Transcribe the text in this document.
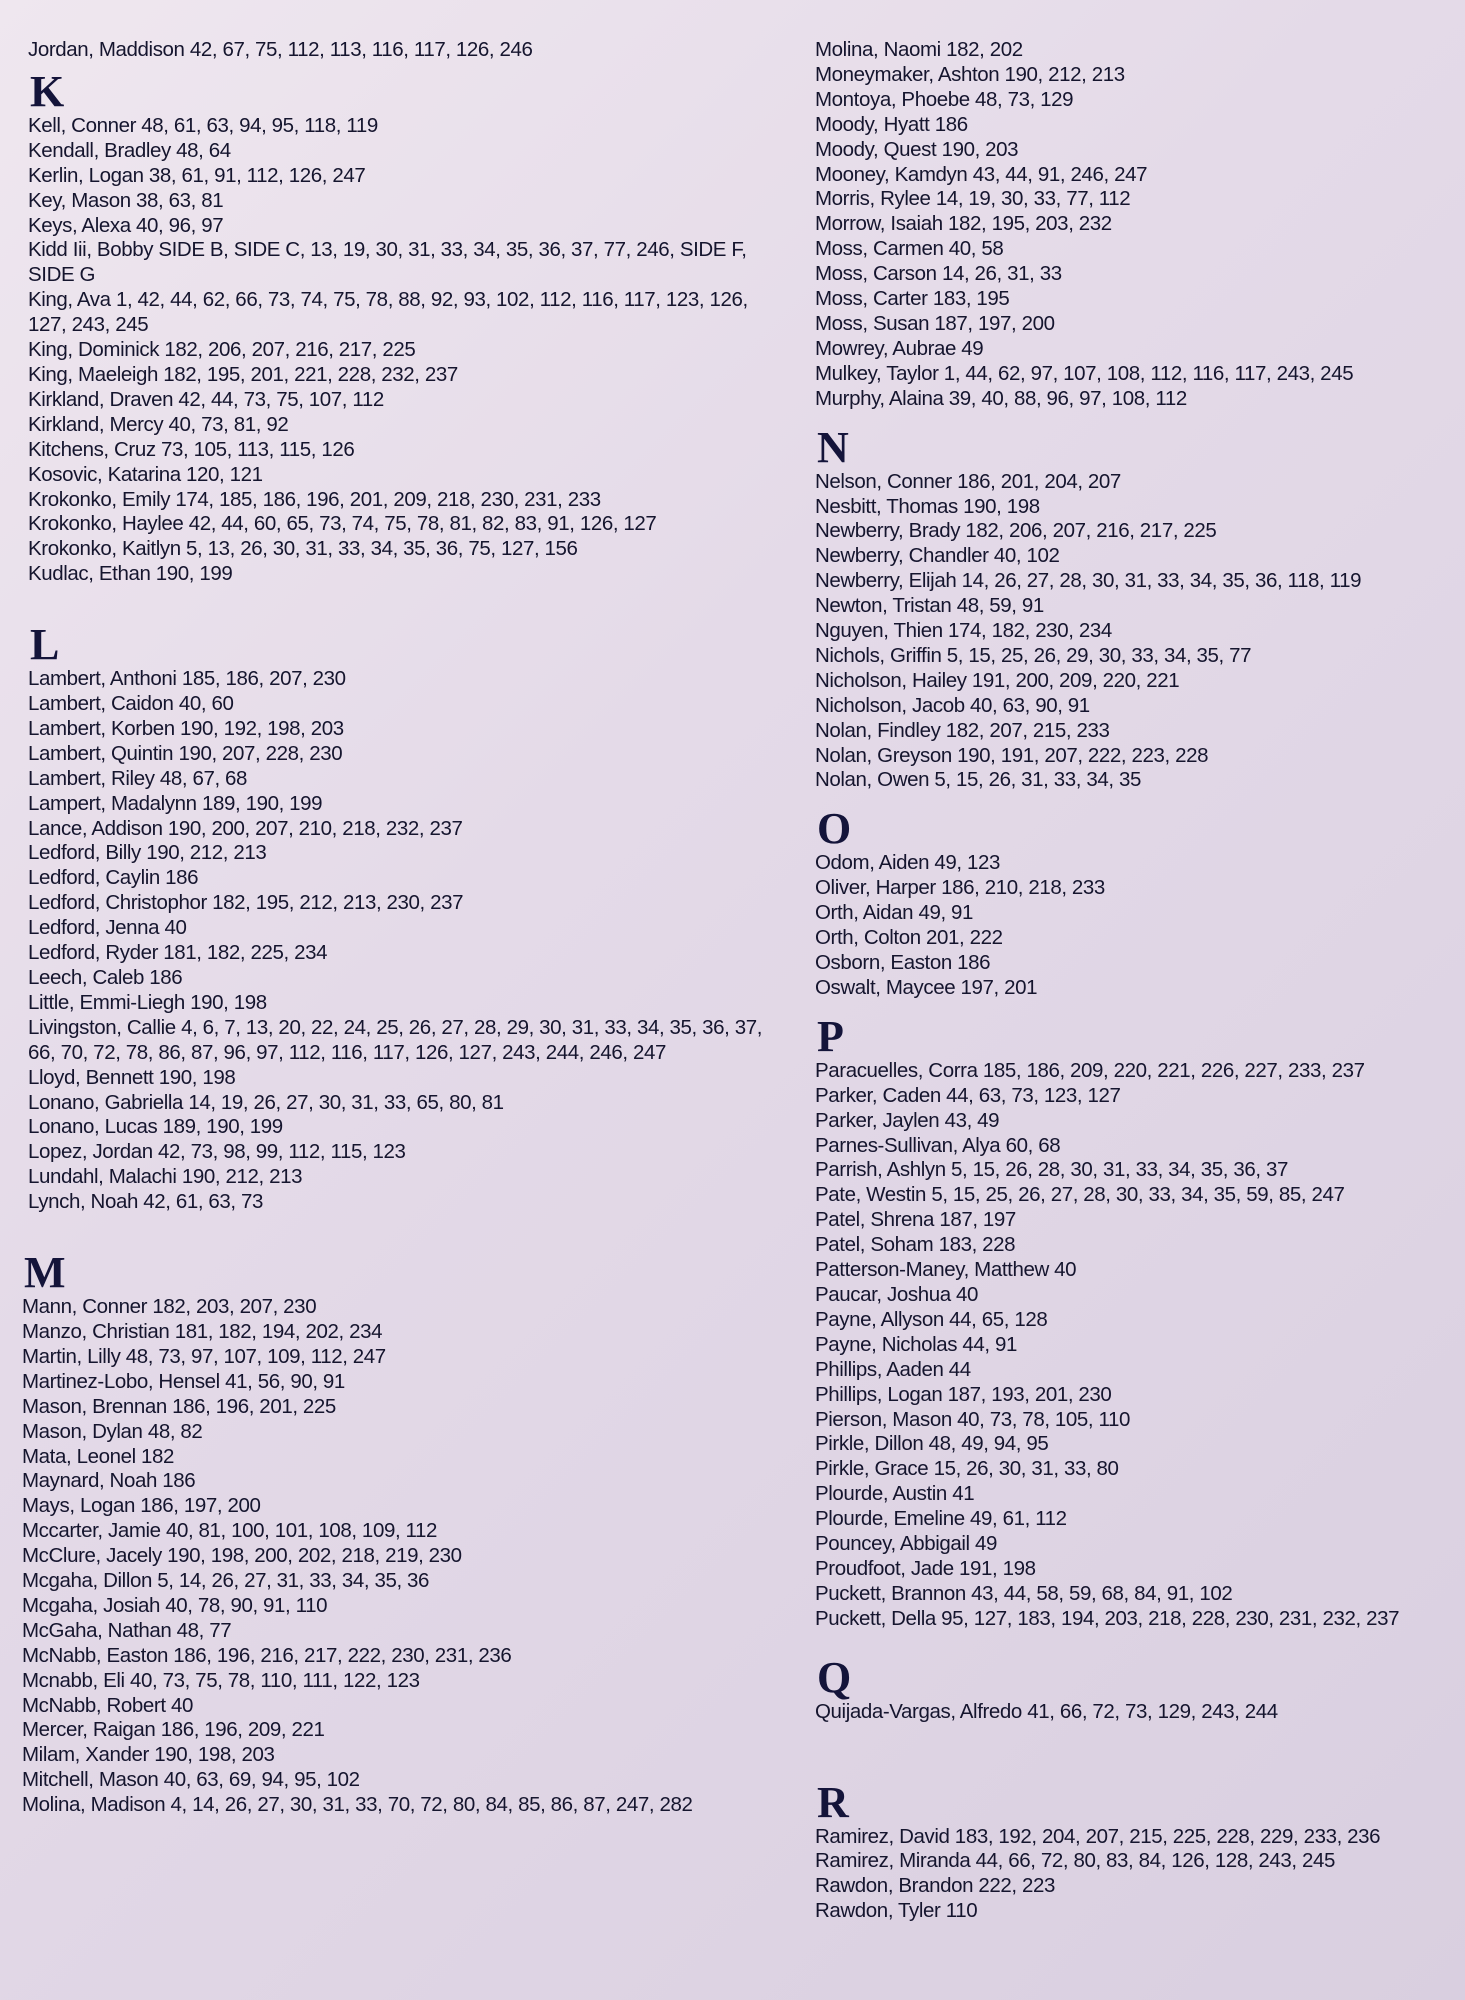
Jordan, Maddison 42, 67, 75, 112, 113, 116, 117, 126, 246
K
Kell, Conner 48, 61, 63, 94, 95, 118, 119
Kendall, Bradley 48, 64
Kerlin, Logan 38, 61, 91, 112, 126, 247
Key, Mason 38, 63, 81
Keys, Alexa 40, 96, 97
Kidd Iii, Bobby SIDE B, SIDE C, 13, 19, 30, 31, 33, 34, 35, 36, 37, 77, 246, SIDE F, SIDE G
King, Ava 1, 42, 44, 62, 66, 73, 74, 75, 78, 88, 92, 93, 102, 112, 116, 117, 123, 126, 127, 243, 245
King, Dominick 182, 206, 207, 216, 217, 225
King, Maeleigh 182, 195, 201, 221, 228, 232, 237
Kirkland, Draven 42, 44, 73, 75, 107, 112
Kirkland, Mercy 40, 73, 81, 92
Kitchens, Cruz 73, 105, 113, 115, 126
Kosovic, Katarina 120, 121
Krokonko, Emily 174, 185, 186, 196, 201, 209, 218, 230, 231, 233
Krokonko, Haylee 42, 44, 60, 65, 73, 74, 75, 78, 81, 82, 83, 91, 126, 127
Krokonko, Kaitlyn 5, 13, 26, 30, 31, 33, 34, 35, 36, 75, 127, 156
Kudlac, Ethan 190, 199
L
Lambert, Anthoni 185, 186, 207, 230
Lambert, Caidon 40, 60
Lambert, Korben 190, 192, 198, 203
Lambert, Quintin 190, 207, 228, 230
Lambert, Riley 48, 67, 68
Lampert, Madalynn 189, 190, 199
Lance, Addison 190, 200, 207, 210, 218, 232, 237
Ledford, Billy 190, 212, 213
Ledford, Caylin 186
Ledford, Christophor 182, 195, 212, 213, 230, 237
Ledford, Jenna 40
Ledford, Ryder 181, 182, 225, 234
Leech, Caleb 186
Little, Emmi-Liegh 190, 198
Livingston, Callie 4, 6, 7, 13, 20, 22, 24, 25, 26, 27, 28, 29, 30, 31, 33, 34, 35, 36, 37, 66, 70, 72, 78, 86, 87, 96, 97, 112, 116, 117, 126, 127, 243, 244, 246, 247
Lloyd, Bennett 190, 198
Lonano, Gabriella 14, 19, 26, 27, 30, 31, 33, 65, 80, 81
Lonano, Lucas 189, 190, 199
Lopez, Jordan 42, 73, 98, 99, 112, 115, 123
Lundahl, Malachi 190, 212, 213
Lynch, Noah 42, 61, 63, 73
M
Mann, Conner 182, 203, 207, 230
Manzo, Christian 181, 182, 194, 202, 234
Martin, Lilly 48, 73, 97, 107, 109, 112, 247
Martinez-Lobo, Hensel 41, 56, 90, 91
Mason, Brennan 186, 196, 201, 225
Mason, Dylan 48, 82
Mata, Leonel 182
Maynard, Noah 186
Mays, Logan 186, 197, 200
Mccarter, Jamie 40, 81, 100, 101, 108, 109, 112
McClure, Jacely 190, 198, 200, 202, 218, 219, 230
Mcgaha, Dillon 5, 14, 26, 27, 31, 33, 34, 35, 36
Mcgaha, Josiah 40, 78, 90, 91, 110
McGaha, Nathan 48, 77
McNabb, Easton 186, 196, 216, 217, 222, 230, 231, 236
Mcnabb, Eli 40, 73, 75, 78, 110, 111, 122, 123
McNabb, Robert 40
Mercer, Raigan 186, 196, 209, 221
Milam, Xander 190, 198, 203
Mitchell, Mason 40, 63, 69, 94, 95, 102
Molina, Madison 4, 14, 26, 27, 30, 31, 33, 70, 72, 80, 84, 85, 86, 87, 247, 282
Molina, Naomi 182, 202
Moneymaker, Ashton 190, 212, 213
Montoya, Phoebe 48, 73, 129
Moody, Hyatt 186
Moody, Quest 190, 203
Mooney, Kamdyn 43, 44, 91, 246, 247
Morris, Rylee 14, 19, 30, 33, 77, 112
Morrow, Isaiah 182, 195, 203, 232
Moss, Carmen 40, 58
Moss, Carson 14, 26, 31, 33
Moss, Carter 183, 195
Moss, Susan 187, 197, 200
Mowrey, Aubrae 49
Mulkey, Taylor 1, 44, 62, 97, 107, 108, 112, 116, 117, 243, 245
Murphy, Alaina 39, 40, 88, 96, 97, 108, 112
N
Nelson, Conner 186, 201, 204, 207
Nesbitt, Thomas 190, 198
Newberry, Brady 182, 206, 207, 216, 217, 225
Newberry, Chandler 40, 102
Newberry, Elijah 14, 26, 27, 28, 30, 31, 33, 34, 35, 36, 118, 119
Newton, Tristan 48, 59, 91
Nguyen, Thien 174, 182, 230, 234
Nichols, Griffin 5, 15, 25, 26, 29, 30, 33, 34, 35, 77
Nicholson, Hailey 191, 200, 209, 220, 221
Nicholson, Jacob 40, 63, 90, 91
Nolan, Findley 182, 207, 215, 233
Nolan, Greyson 190, 191, 207, 222, 223, 228
Nolan, Owen 5, 15, 26, 31, 33, 34, 35
O
Odom, Aiden 49, 123
Oliver, Harper 186, 210, 218, 233
Orth, Aidan 49, 91
Orth, Colton 201, 222
Osborn, Easton 186
Oswalt, Maycee 197, 201
P
Paracuelles, Corra 185, 186, 209, 220, 221, 226, 227, 233, 237
Parker, Caden 44, 63, 73, 123, 127
Parker, Jaylen 43, 49
Parnes-Sullivan, Alya 60, 68
Parrish, Ashlyn 5, 15, 26, 28, 30, 31, 33, 34, 35, 36, 37
Pate, Westin 5, 15, 25, 26, 27, 28, 30, 33, 34, 35, 59, 85, 247
Patel, Shrena 187, 197
Patel, Soham 183, 228
Patterson-Maney, Matthew 40
Paucar, Joshua 40
Payne, Allyson 44, 65, 128
Payne, Nicholas 44, 91
Phillips, Aaden 44
Phillips, Logan 187, 193, 201, 230
Pierson, Mason 40, 73, 78, 105, 110
Pirkle, Dillon 48, 49, 94, 95
Pirkle, Grace 15, 26, 30, 31, 33, 80
Plourde, Austin 41
Plourde, Emeline 49, 61, 112
Pouncey, Abbigail 49
Proudfoot, Jade 191, 198
Puckett, Brannon 43, 44, 58, 59, 68, 84, 91, 102
Puckett, Della 95, 127, 183, 194, 203, 218, 228, 230, 231, 232, 237
Q
Quijada-Vargas, Alfredo 41, 66, 72, 73, 129, 243, 244
R
Ramirez, David 183, 192, 204, 207, 215, 225, 228, 229, 233, 236
Ramirez, Miranda 44, 66, 72, 80, 83, 84, 126, 128, 243, 245
Rawdon, Brandon 222, 223
Rawdon, Tyler 110
